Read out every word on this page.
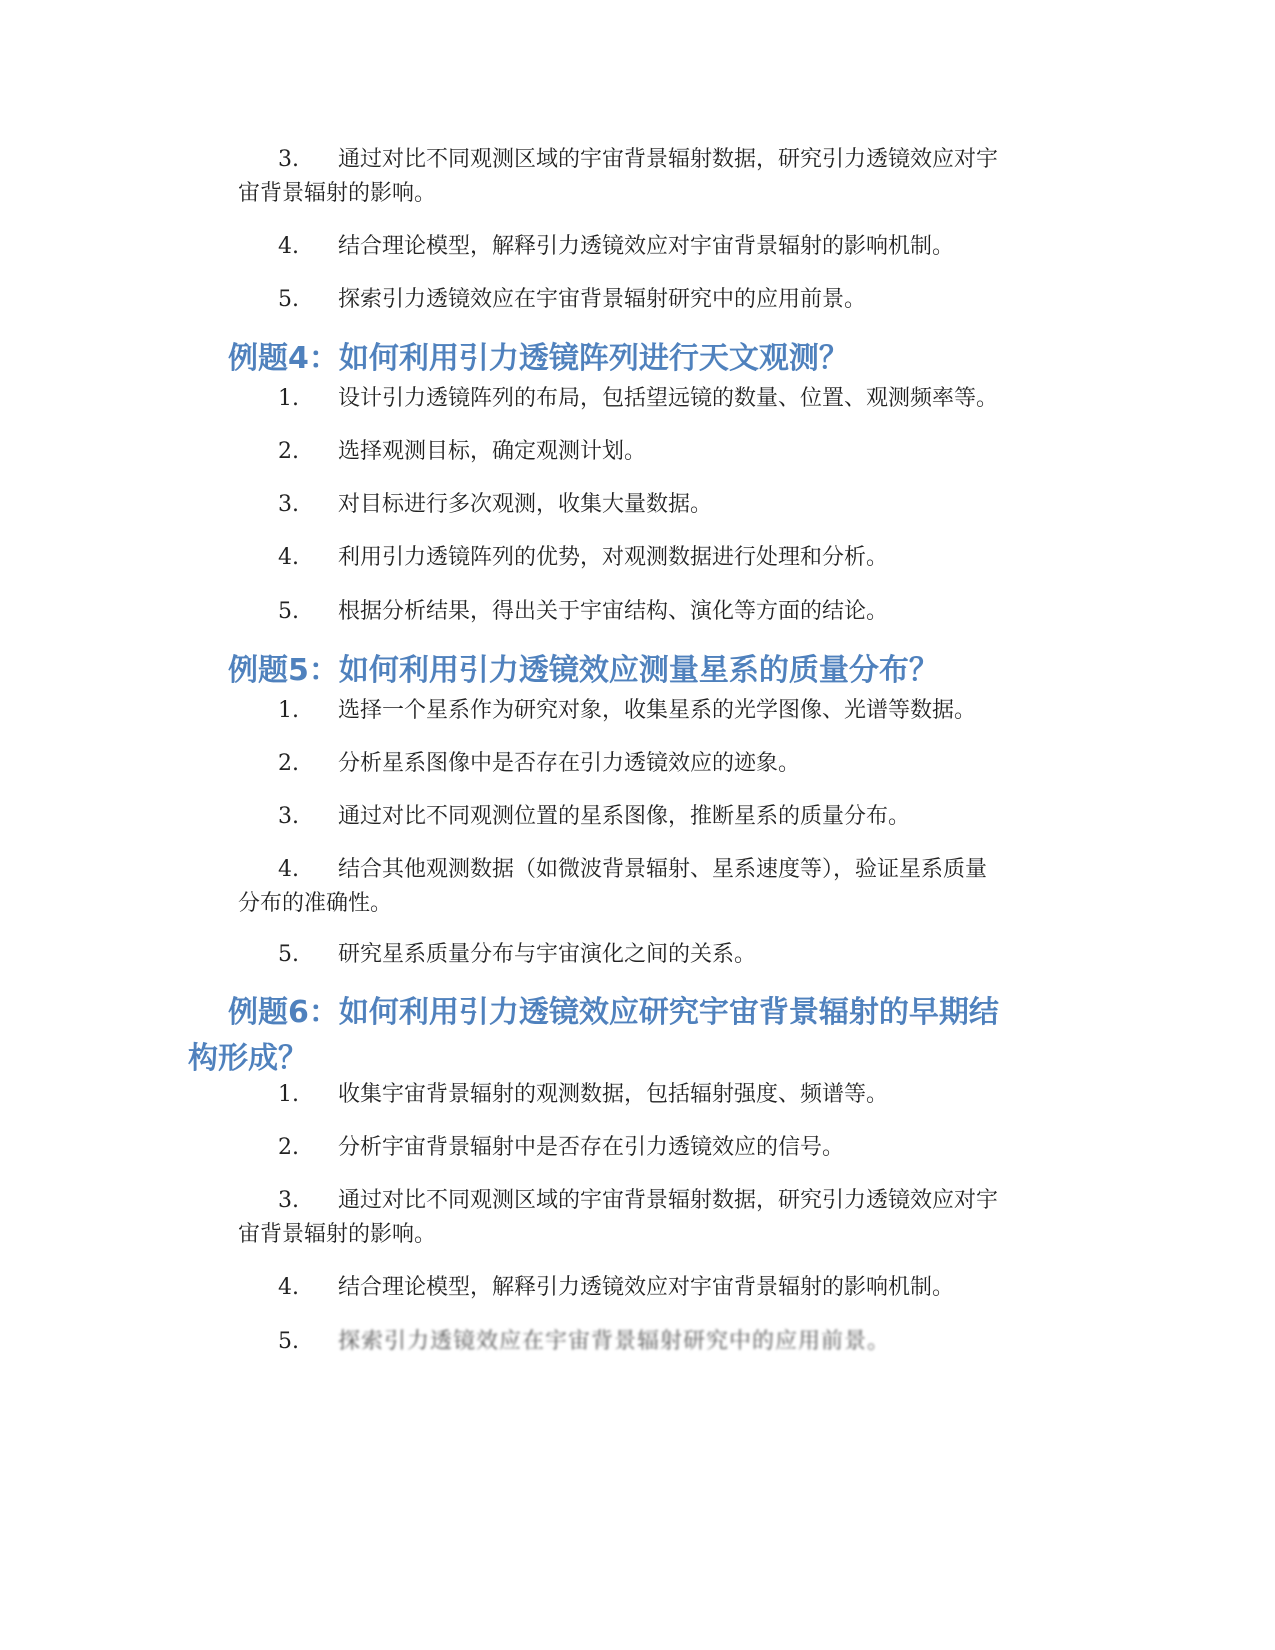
3. 通过对比不同观测区域的宇宙背景辐射数据，研究引力透镜效应对宇
宙背景辐射的影响。
4. 结合理论模型，解释引力透镜效应对宇宙背景辐射的影响机制。
5. 探索引力透镜效应在宇宙背景辐射研究中的应用前景。
例题4：如何利用引力透镜阵列进行天文观测？
1. 设计引力透镜阵列的布局，包括望远镜的数量、位置、观测频率等。
2. 选择观测目标，确定观测计划。
3. 对目标进行多次观测，收集大量数据。
4. 利用引力透镜阵列的优势，对观测数据进行处理和分析。
5. 根据分析结果，得出关于宇宙结构、演化等方面的结论。
例题5：如何利用引力透镜效应测量星系的质量分布？
1. 选择一个星系作为研究对象，收集星系的光学图像、光谱等数据。
2. 分析星系图像中是否存在引力透镜效应的迹象。
3. 通过对比不同观测位置的星系图像，推断星系的质量分布。
4. 结合其他观测数据（如微波背景辐射、星系速度等），验证星系质量
分布的准确性。
5. 研究星系质量分布与宇宙演化之间的关系。
例题6：如何利用引力透镜效应研究宇宙背景辐射的早期结
构形成？
1. 收集宇宙背景辐射的观测数据，包括辐射强度、频谱等。
2. 分析宇宙背景辐射中是否存在引力透镜效应的信号。
3. 通过对比不同观测区域的宇宙背景辐射数据，研究引力透镜效应对宇
宙背景辐射的影响。
4. 结合理论模型，解释引力透镜效应对宇宙背景辐射的影响机制。
5. 探索引力透镜效应在宇宙背景辐射研究中的应用前景。
